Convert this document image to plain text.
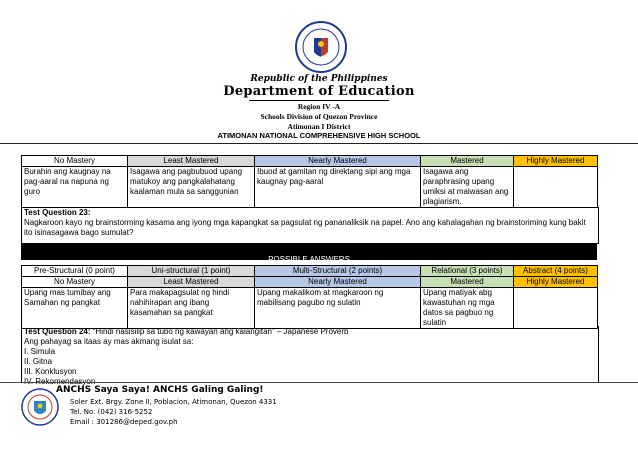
Republic of the Philippines
Department of Education
Region IV -A
Schools Division of Quezon Province
Atimonan I District
ATIMONAN NATIONAL COMPREHENSIVE HIGH SCHOOL
No Mastery	Least Mastered	Nearly Mastered	Mastered	Highly Mastered
Burahin ang kaugnay na pag-aaral na napuna ng guro	Isagawa ang pagbubuod upang matukoy ang pangkalahatang kaalaman mula sa sanggunian	Ibuod at gamitan ng direktang sipi ang mga kaugnay pag-aaral	Isagawa ang paraphrasing upang umiksi at maiwasan ang plagiarism.	
Test Question 23:
Nagkaroon kayo ng brainstorming kasama ang iyong mga kapangkat sa pagsulat ng pananaliksik na papel. Ano ang kahalagahan ng brainstoriming kung bakit ito isinasagawa bago sumulat?
POSSIBLE ANSWERS
Pre-Structural (0 point)	Uni-structural (1 point)	Multi-Structural (2 points)	Relational (3 points)	Abstract (4 points)
No Mastery	Least Mastered	Nearly Mastered	Mastered	Highly Mastered
Upang mas tumibay ang Samahan ng pangkat	Para makapagsulat ng hindi nahihirapan ang ibang kasamahan sa pangkat	Upang makalikom at magkaroon ng mabilisang pagubo ng sulatin	Upang matiyak abg kawastuhan ng mga datos sa pagbuo ng sulatin	
Test Question 24: “Hindi nasisilip sa tubo ng kawayan ang kalangitan” – Japanese Proverb
Ang pahayag sa itaas ay mas akmang isulat sa:
I. Simula
II. Gitna
III. Konklusyon

ANCHS Saya Saya! ANCHS Galing Galing!
Soler Ext. Brgy. Zone II, Poblacion, Atimonan, Quezon 4331
Tel. No. (042) 316-5252
Email : 301286@deped.gov.ph
